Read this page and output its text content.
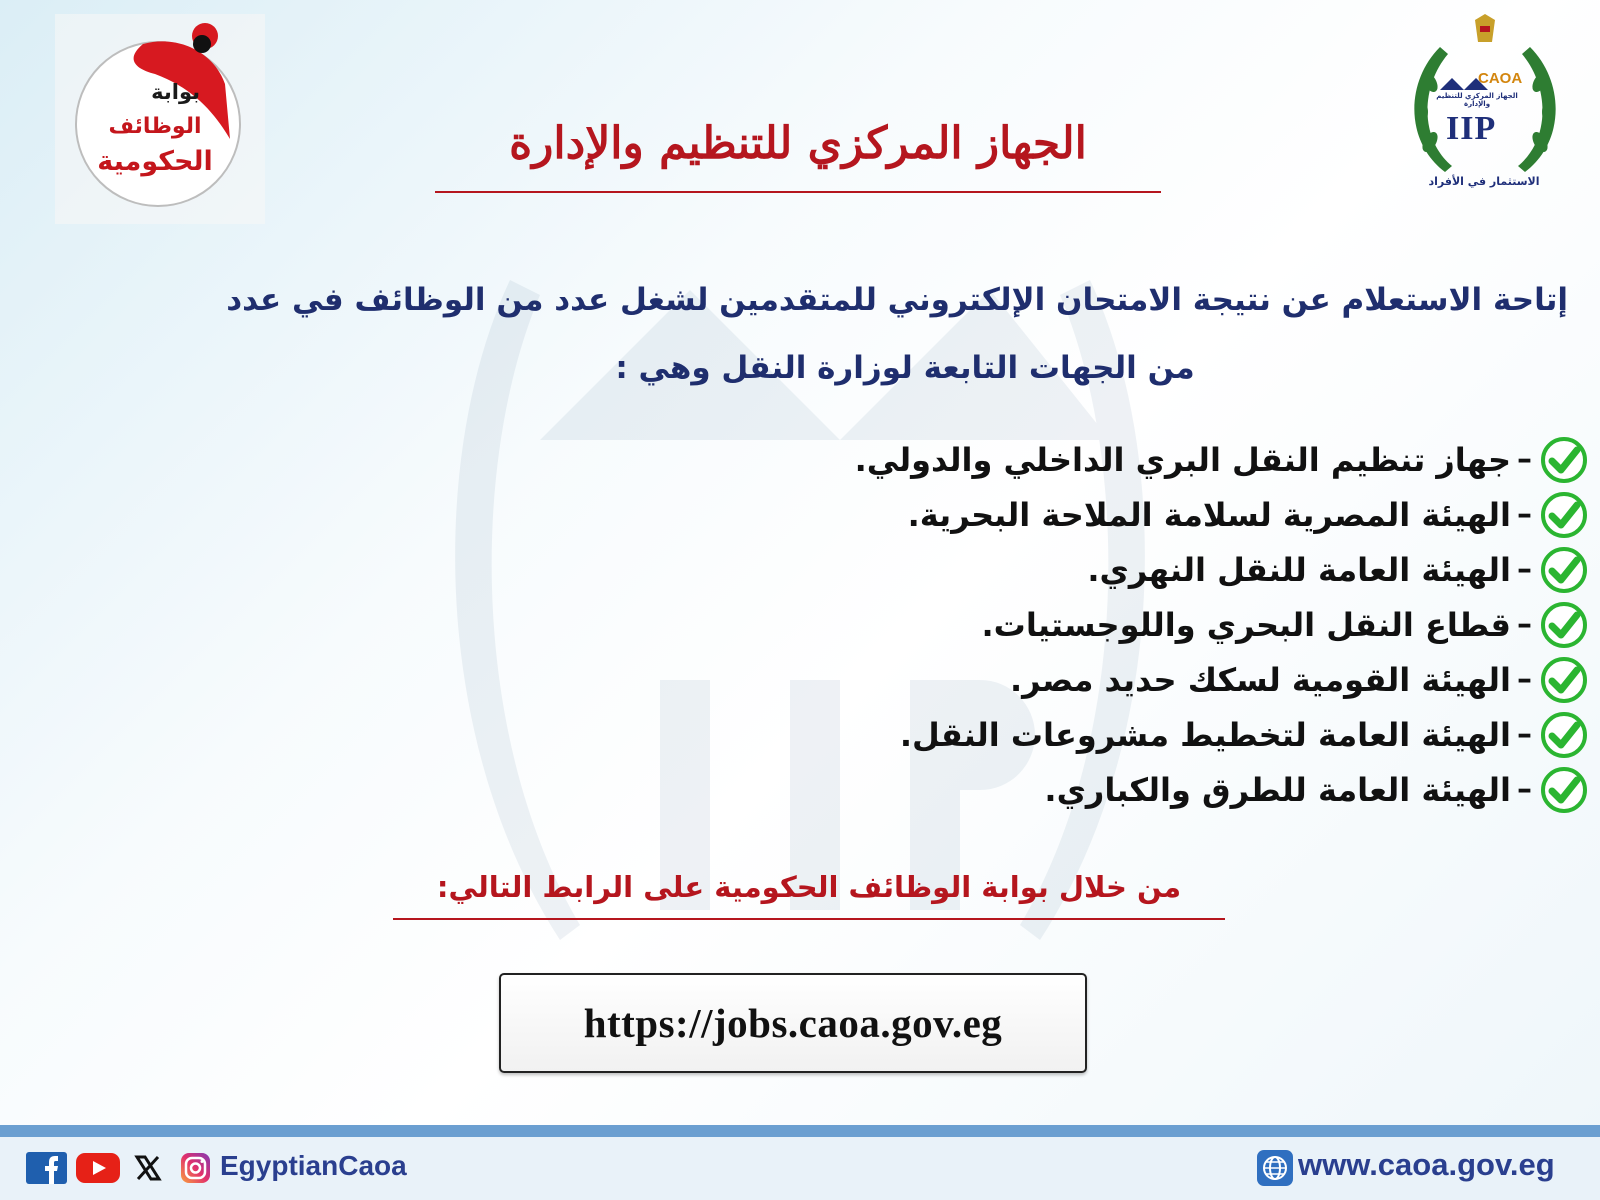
بوابة
الوظائف
الحكومية
CAOA
الجهاز المركزي للتنظيم والإدارة
IIP
الاستثمار في الأفراد
الجهاز المركزي للتنظيم والإدارة
إتاحة الاستعلام عن نتيجة الامتحان الإلكتروني للمتقدمين لشغل عدد من الوظائف في عدد
من الجهات التابعة لوزارة النقل وهي :
–
جهاز تنظيم النقل البري الداخلي والدولي.
–
الهيئة المصرية لسلامة الملاحة البحرية.
–
الهيئة العامة للنقل النهري.
–
قطاع النقل البحري واللوجستيات.
–
الهيئة القومية لسكك حديد مصر.
–
الهيئة العامة لتخطيط مشروعات النقل.
–
الهيئة العامة للطرق والكباري.
من خلال بوابة الوظائف الحكومية على الرابط التالي:
https://jobs.caoa.gov.eg
EgyptianCaoa	www.caoa.gov.eg
